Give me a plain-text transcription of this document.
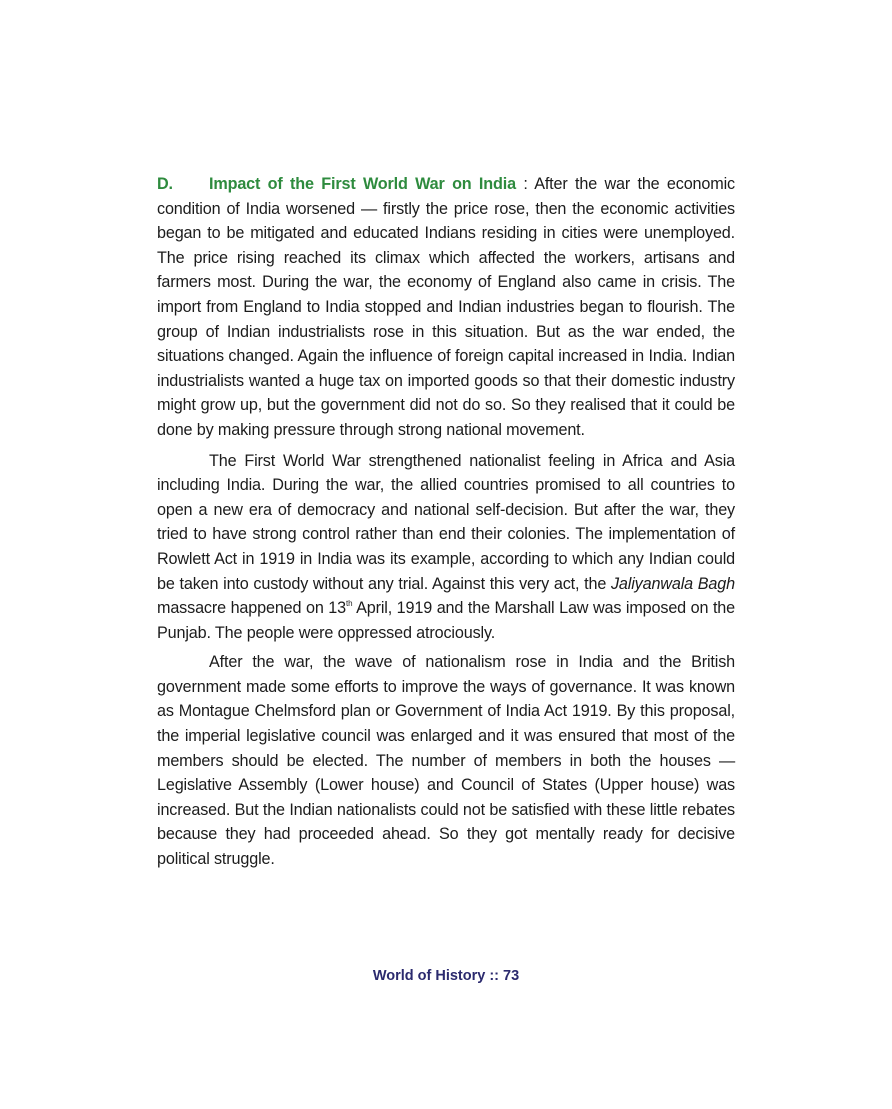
D. Impact of the First World War on India : After the war the economic condition of India worsened — firstly the price rose, then the economic activities began to be mitigated and educated Indians residing in cities were unemployed. The price rising reached its climax which affected the workers, artisans and farmers most. During the war, the economy of England also came in crisis. The import from England to India stopped and Indian industries began to flourish. The group of Indian industrialists rose in this situation. But as the war ended, the situations changed. Again the influence of foreign capital increased in India. Indian industrialists wanted a huge tax on imported goods so that their domestic industry might grow up, but the government did not do so. So they realised that it could be done by making pressure through strong national movement.

The First World War strengthened nationalist feeling in Africa and Asia including India. During the war, the allied countries promised to all countries to open a new era of democracy and national self-decision. But after the war, they tried to have strong control rather than end their colonies. The implementation of Rowlett Act in 1919 in India was its example, according to which any Indian could be taken into custody without any trial. Against this very act, the Jaliyanwala Bagh massacre happened on 13th April, 1919 and the Marshall Law was imposed on the Punjab. The people were oppressed atrociously.

After the war, the wave of nationalism rose in India and the British government made some efforts to improve the ways of governance. It was known as Montague Chelmsford plan or Government of India Act 1919. By this proposal, the imperial legislative council was enlarged and it was ensured that most of the members should be elected. The number of members in both the houses — Legislative Assembly (Lower house) and Council of States (Upper house) was increased. But the Indian nationalists could not be satisfied with these little rebates because they had proceeded ahead. So they got mentally ready for decisive political struggle.

World of History :: 73
